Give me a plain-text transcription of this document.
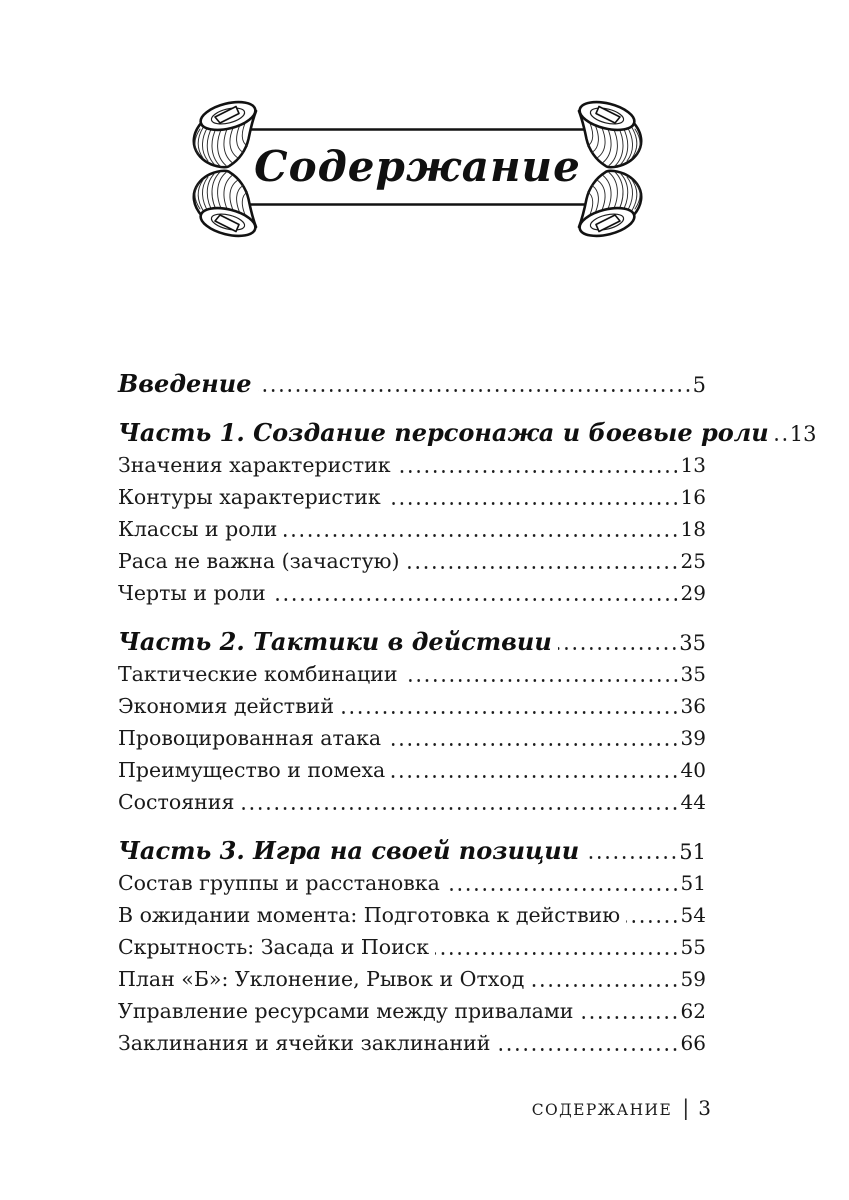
Содержание
Введение	5
Часть 1. Создание персонажа и боевые роли 13
Значения характеристик	13
Контуры характеристик	16
Классы и роли	18
Раса не важна (зачастую)	25
Черты и роли	29
Часть 2. Тактики в действии	35
Тактические комбинации	35
Экономия действий	36
Провоцированная атака	39
Преимущество и помеха	40
Состояния	44
Часть 3. Игра на своей позиции	51
Состав группы и расстановка	51
В ожидании момента: Подготовка к действию	54
Скрытность: Засада и Поиск	55
План «Б»: Уклонение, Рывок и Отход	59
Управление ресурсами между привалами	62
Заклинания и ячейки заклинаний	66
СОДЕРЖАНИЕ | 3
